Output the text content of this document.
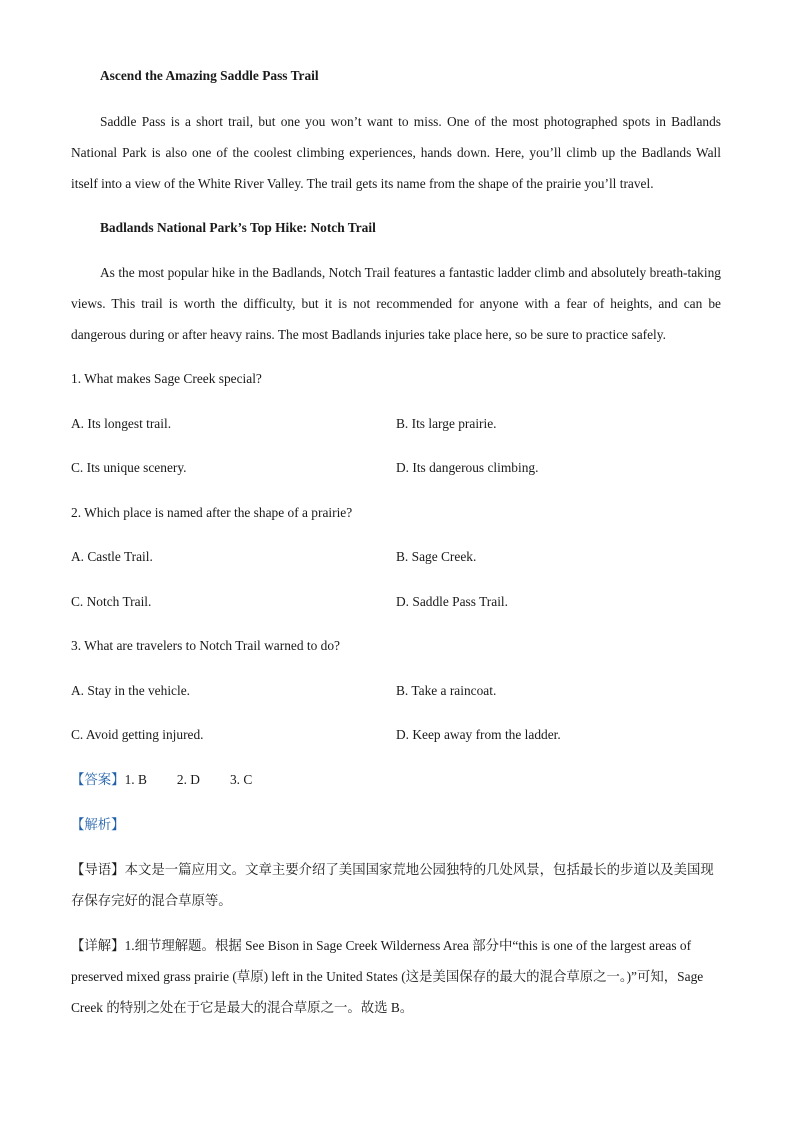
Ascend the Amazing Saddle Pass Trail
Saddle Pass is a short trail, but one you won’t want to miss. One of the most photographed spots in Badlands National Park is also one of the coolest climbing experiences, hands down. Here, you’ll climb up the Badlands Wall itself into a view of the White River Valley. The trail gets its name from the shape of the prairie you’ll travel.
Badlands National Park’s Top Hike: Notch Trail
As the most popular hike in the Badlands, Notch Trail features a fantastic ladder climb and absolutely breath-taking views. This trail is worth the difficulty, but it is not recommended for anyone with a fear of heights, and can be dangerous during or after heavy rains. The most Badlands injuries take place here, so be sure to practice safely.
1. What makes Sage Creek special?
A. Its longest trail.	B. Its large prairie.
C. Its unique scenery.	D. Its dangerous climbing.
2. Which place is named after the shape of a prairie?
A. Castle Trail.	B. Sage Creek.
C. Notch Trail.	D. Saddle Pass Trail.
3. What are travelers to Notch Trail warned to do?
A. Stay in the vehicle.	B. Take a raincoat.
C. Avoid getting injured.	D. Keep away from the ladder.
【答案】1. B 2. D 3. C
【解析】
【导语】本文是一篇应用文。文章主要介绍了美国国家荒地公园独特的几处风景，包括最长的步道以及美国现存保存完好的混合草原等。
【详解】1.细节理解题。根据 See Bison in Sage Creek Wilderness Area 部分中“this is one of the largest areas of preserved mixed grass prairie (草原) left in the United States (这是美国保存的最大的混合草原之一。)”可知，Sage Creek 的特别之处在于它是最大的混合草原之一。故选 B。
